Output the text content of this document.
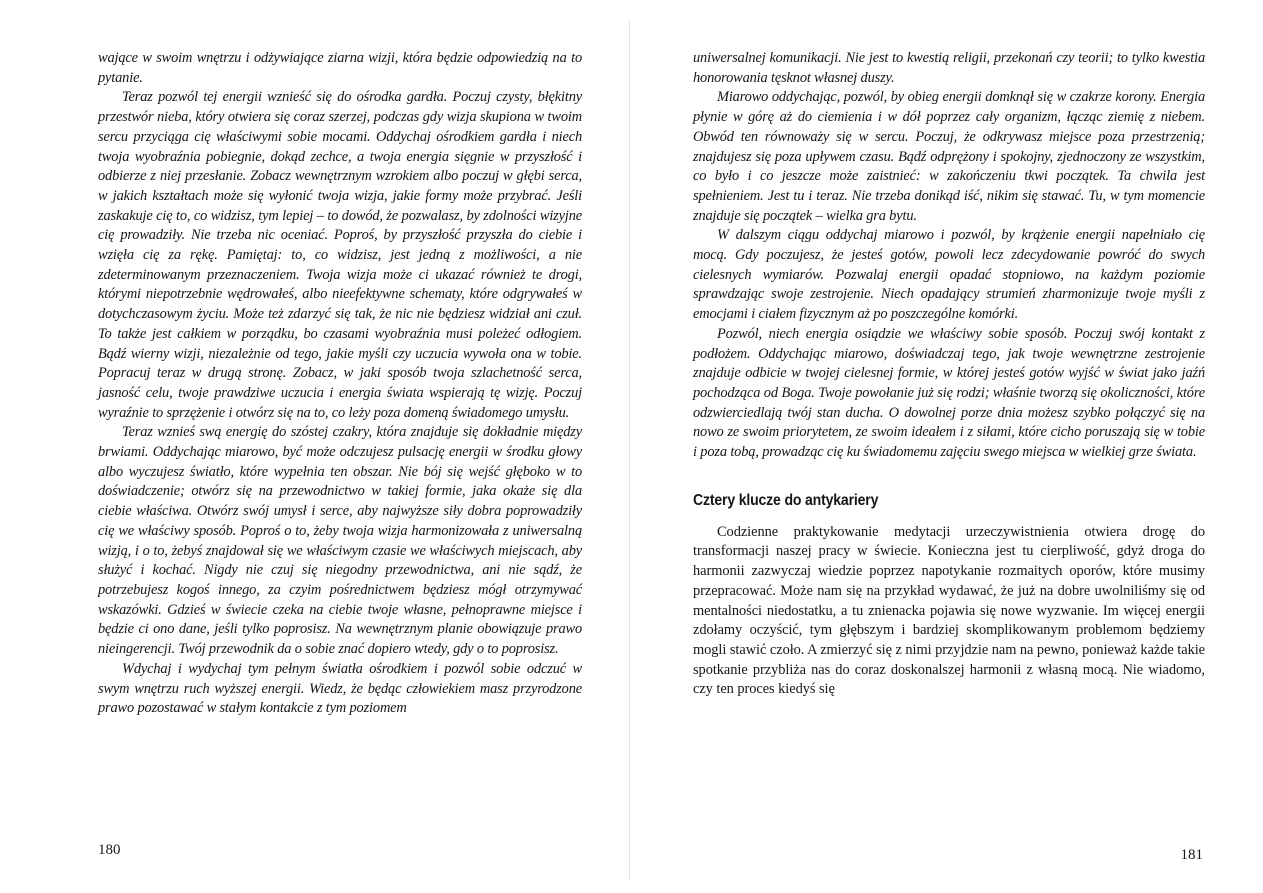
wające w swoim wnętrzu i odżywiające ziarna wizji, która będzie odpowiedzią na to pytanie.

Teraz pozwól tej energii wznieść się do ośrodka gardła. Poczuj czysty, błękitny przestwór nieba, który otwiera się coraz szerzej, podczas gdy wizja skupiona w twoim sercu przyciąga cię właściwymi sobie mocami. Oddychaj ośrodkiem gardła i niech twoja wyobraźnia pobiegnie, dokąd zechce, a twoja energia sięgnie w przyszłość i odbierze z niej przesłanie. Zobacz wewnętrznym wzrokiem albo poczuj w głębi serca, w jakich kształtach może się wyłonić twoja wizja, jakie formy może przybrać. Jeśli zaskakuje cię to, co widzisz, tym lepiej – to dowód, że pozwalasz, by zdolności wizyjne cię prowadziły. Nie trzeba nic oceniać. Poproś, by przyszłość przyszła do ciebie i wzięła cię za rękę. Pamiętaj: to, co widzisz, jest jedną z możliwości, a nie zdeterminowanym przeznaczeniem. Twoja wizja może ci ukazać również te drogi, którymi niepotrzebnie wędrowałeś, albo nieefektywne schematy, które odgrywałeś w dotychczasowym życiu. Może też zdarzyć się tak, że nic nie będziesz widział ani czuł. To także jest całkiem w porządku, bo czasami wyobraźnia musi poleżeć odłogiem. Bądź wierny wizji, niezależnie od tego, jakie myśli czy uczucia wywoła ona w tobie. Popracuj teraz w drugą stronę. Zobacz, w jaki sposób twoja szlachetność serca, jasność celu, twoje prawdziwe uczucia i energia świata wspierają tę wizję. Poczuj wyraźnie to sprzężenie i otwórz się na to, co leży poza domeną świadomego umysłu.

Teraz wznieś swą energię do szóstej czakry, która znajduje się dokładnie między brwiami. Oddychając miarowo, być może odczujesz pulsację energii w środku głowy albo wyczujesz światło, które wypełnia ten obszar. Nie bój się wejść głęboko w to doświadczenie; otwórz się na przewodnictwo w takiej formie, jaka okaże się dla ciebie właściwa. Otwórz swój umysł i serce, aby najwyższe siły dobra poprowadziły cię we właściwy sposób. Poproś o to, żeby twoja wizja harmonizowała z uniwersalną wizją, i o to, żebyś znajdował się we właściwym czasie we właściwych miejscach, aby służyć i kochać. Nigdy nie czuj się niegodny przewodnictwa, ani nie sądź, że potrzebujesz kogoś innego, za czyim pośrednictwem będziesz mógł otrzymywać wskazówki. Gdzieś w świecie czeka na ciebie twoje własne, pełnoprawne miejsce i będzie ci ono dane, jeśli tylko poprosisz. Na wewnętrznym planie obowiązuje prawo nieingerencji. Twój przewodnik da o sobie znać dopiero wtedy, gdy o to poprosisz.

Wdychaj i wydychaj tym pełnym światła ośrodkiem i pozwól sobie odczuć w swym wnętrzu ruch wyższej energii. Wiedz, że będąc człowiekiem masz przyrodzone prawo pozostawać w stałym kontakcie z tym poziomem

180

uniwersalnej komunikacji. Nie jest to kwestią religii, przekonań czy teorii; to tylko kwestia honorowania tęsknot własnej duszy.

Miarowo oddychając, pozwól, by obieg energii domknął się w czakrze korony. Energia płynie w górę aż do ciemienia i w dół poprzez cały organizm, łącząc ziemię z niebem. Obwód ten równoważy się w sercu. Poczuj, że odkrywasz miejsce poza przestrzenią; znajdujesz się poza upływem czasu. Bądź odprężony i spokojny, zjednoczony ze wszystkim, co było i co jeszcze może zaistnieć: w zakończeniu tkwi początek. Ta chwila jest spełnieniem. Jest tu i teraz. Nie trzeba donikąd iść, nikim się stawać. Tu, w tym momencie znajduje się początek – wielka gra bytu.

W dalszym ciągu oddychaj miarowo i pozwól, by krążenie energii napełniało cię mocą. Gdy poczujesz, że jesteś gotów, powoli lecz zdecydowanie powróć do swych cielesnych wymiarów. Pozwalaj energii opadać stopniowo, na każdym poziomie sprawdzając swoje zestrojenie. Niech opadający strumień zharmonizuje twoje myśli z emocjami i ciałem fizycznym aż po poszczególne komórki.

Pozwól, niech energia osiądzie we właściwy sobie sposób. Poczuj swój kontakt z podłożem. Oddychając miarowo, doświadczaj tego, jak twoje wewnętrzne zestrojenie znajduje odbicie w twojej cielesnej formie, w której jesteś gotów wyjść w świat jako jaźń pochodząca od Boga. Twoje powołanie już się rodzi; właśnie tworzą się okoliczności, które odzwierciedlają twój stan ducha. O dowolnej porze dnia możesz szybko połączyć się na nowo ze swoim priorytetem, ze swoim ideałem i z siłami, które cicho poruszają się w tobie i poza tobą, prowadząc cię ku świadomemu zajęciu swego miejsca w wielkiej grze świata.

Cztery klucze do antykariery

Codzienne praktykowanie medytacji urzeczywistnienia otwiera drogę do transformacji naszej pracy w świecie. Konieczna jest tu cierpliwość, gdyż droga do harmonii zazwyczaj wiedzie poprzez napotykanie rozmaitych oporów, które musimy przepracować. Może nam się na przykład wydawać, że już na dobre uwolniliśmy się od mentalności niedostatku, a tu znienacka pojawia się nowe wyzwanie. Im więcej energii zdołamy oczyścić, tym głębszym i bardziej skomplikowanym problemom będziemy mogli stawić czoło. A zmierzyć się z nimi przyjdzie nam na pewno, ponieważ każde takie spotkanie przybliża nas do coraz doskonalszej harmonii z własną mocą. Nie wiadomo, czy ten proces kiedyś się

181
